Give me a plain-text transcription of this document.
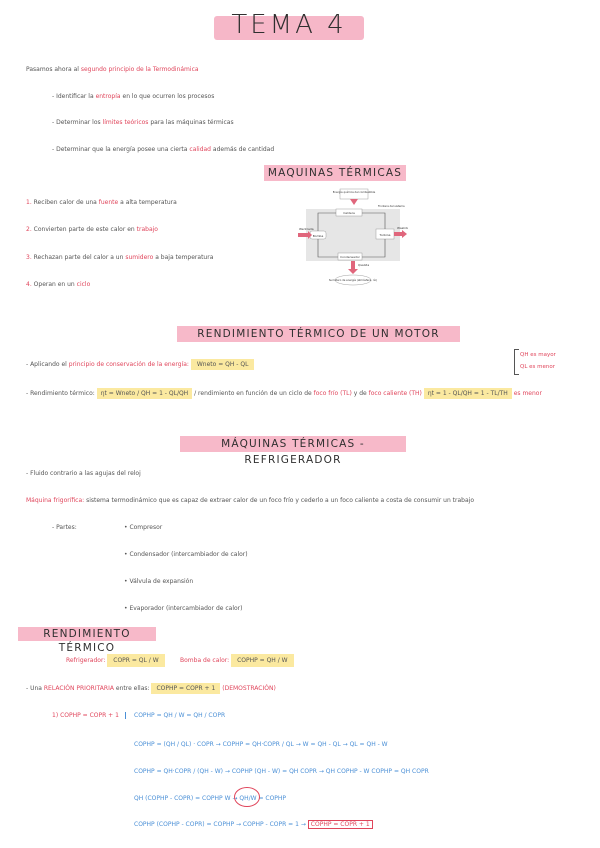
TEMA 4
Pasamos ahora al segundo principio de la Termodinámica
- Identificar la entropía en lo que ocurren los procesos
- Determinar los límites teóricos para las máquinas térmicas
- Determinar que la energía posee una cierta calidad además de cantidad
MAQUINAS TÉRMICAS
1. Reciben calor de una fuente a alta temperatura
2. Convierten parte de este calor en trabajo
3. Rechazan parte del calor a un sumidero a baja temperatura
4. Operan en un ciclo
Energía química del combustible
Caldera
Frontera del sistema
Bomba	Turbina
Condensador
Wentrada	Wsalida
Qsalida
Sumidero de energía (atmósfera, río)
RENDIMIENTO TÉRMICO DE UN MOTOR
- Aplicando el principio de conservación de la energía: Wneto = QH - QL
QH es mayor
QL es menor
- Rendimiento térmico: ηt = Wneto / QH = 1 - QL/QH / rendimiento en función de un ciclo de foco frío (TL) y de foco caliente (TH) ηt = 1 - QL/QH = 1 - TL/TH es menor
MÁQUINAS TÉRMICAS - REFRIGERADOR
- Fluido contrario a las agujas del reloj
Máquina frigorífica: sistema termodinámico que es capaz de extraer calor de un foco frío y cederlo a un foco caliente a costa de consumir un trabajo
- Partes:	• Compresor
• Condensador (intercambiador de calor)
• Válvula de expansión
• Evaporador (intercambiador de calor)
RENDIMIENTO TÉRMICO
Refrigerador: COPR = QL / W	Bomba de calor: COPHP = QH / W
- Una RELACIÓN PRIORITARIA entre ellas: COPHP = COPR + 1 (DEMOSTRACIÓN)
1) COPHP = COPR + 1	COPHP = QH / W = QH / COPR
COPHP = (QH / QL) · COPR → COPHP = QH·COPR / QL → W = QH - QL → QL = QH - W
COPHP = QH·COPR / (QH - W) → COPHP (QH - W) = QH COPR → QH COPHP - W COPHP = QH COPR
QH (COPHP - COPR) = COPHP W → QH/W = COPHP
COPHP (COPHP - COPR) = COPHP → COPHP - COPR = 1 → COPHP = COPR + 1
